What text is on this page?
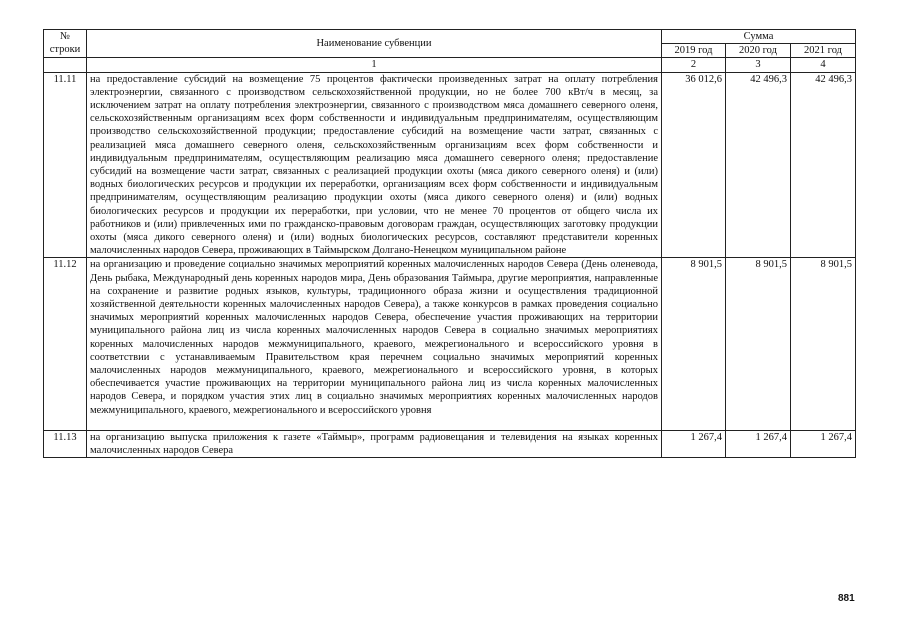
№
строки	Наименование субвенции	Сумма		
		2019 год	2020 год	2021 год
	1	2	3	4
11.11	на предоставление субсидий на возмещение 75 процентов фактически произведенных затрат на оплату потребления электроэнергии, связанного с производством сельскохозяйственной продукции, но не более 700 кВт/ч в месяц, за исключением затрат на оплату потребления электроэнергии, связанного с производством мяса домашнего северного оленя, сельскохозяйственным организациям всех форм собственности и индивидуальным предпринимателям, осуществляющим производство сельскохозяйственной продукции; предоставление субсидий на возмещение части затрат, связанных с реализацией мяса домашнего северного оленя, сельскохозяйственным организациям всех форм собственности и индивидуальным предпринимателям, осуществляющим реализацию мяса домашнего северного оленя; предоставление субсидий на возмещение части затрат, связанных с реализацией продукции охоты (мяса дикого северного оленя) и (или) водных биологических ресурсов и продукции их переработки, организациям всех форм собственности и индивидуальным предпринимателям, осуществляющим реализацию продукции охоты (мяса дикого северного оленя) и (или) водных биологических ресурсов и продукции их переработки, при условии, что не менее 70 процентов от общего числа их работников и (или) привлеченных ими по гражданско-правовым договорам граждан, осуществляющих заготовку продукции охоты (мяса дикого северного оленя) и (или) водных биологических ресурсов, составляют представители коренных малочисленных народов Севера, проживающих в Таймырском Долгано-Ненецком муниципальном районе	36 012,6	42 496,3	42 496,3
11.12	на организацию и проведение социально значимых мероприятий коренных малочисленных народов Севера (День оленевода, День рыбака, Международный день коренных народов мира, День образования Таймыра, другие мероприятия, направленные на сохранение и развитие родных языков, культуры, традиционного образа жизни и осуществления традиционной хозяйственной деятельности коренных малочисленных народов Севера), а также конкурсов в рамках проведения социально значимых мероприятий коренных малочисленных народов Севера, обеспечение участия проживающих на территории муниципального района лиц из числа коренных малочисленных народов Севера в социально значимых мероприятиях коренных малочисленных народов межмуниципального, краевого, межрегионального и всероссийского уровня в соответствии с устанавливаемым Правительством края перечнем социально значимых мероприятий коренных малочисленных народов межмуниципального, краевого, межрегионального и всероссийского уровня, в которых обеспечивается участие проживающих на территории муниципального района лиц из числа коренных малочисленных народов Севера, и порядком участия этих лиц в социально значимых мероприятиях коренных малочисленных народов межмуниципального, краевого, межрегионального и всероссийского уровня	8 901,5	8 901,5	8 901,5
11.13	на организацию выпуска приложения к газете «Таймыр», программ радиовещания и телевидения на языках коренных малочисленных народов Севера	1 267,4	1 267,4	1 267,4
881
